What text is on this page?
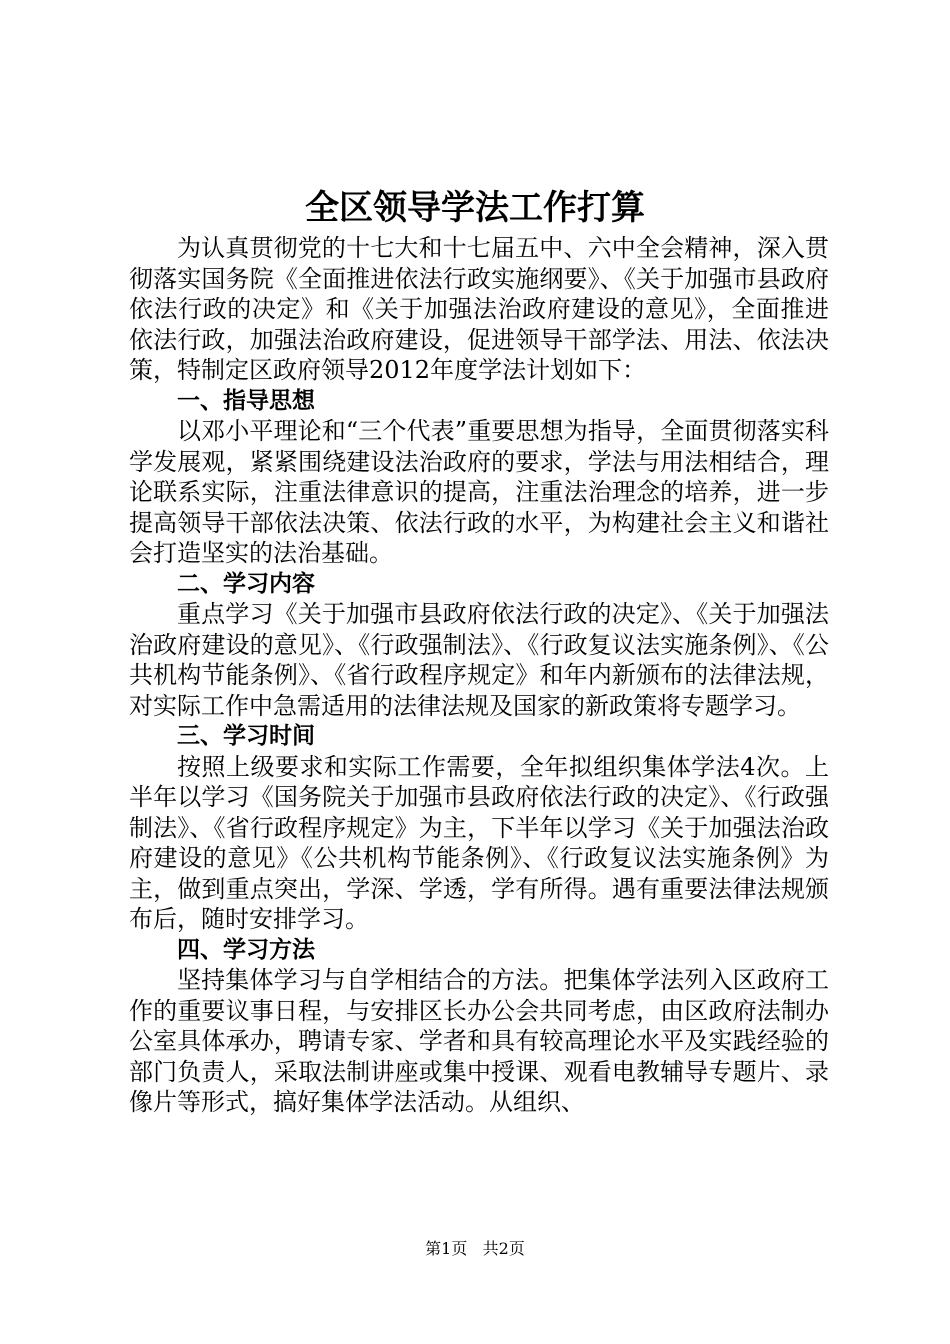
全区领导学法工作打算

为认真贯彻党的十七大和十七届五中、六中全会精神，深入贯彻落实国务院《全面推进依法行政实施纲要》、《关于加强市县政府依法行政的决定》和《关于加强法治政府建设的意见》，全面推进依法行政，加强法治政府建设，促进领导干部学法、用法、依法决策，特制定区政府领导2012年度学法计划如下：

一、指导思想

以邓小平理论和“三个代表”重要思想为指导，全面贯彻落实科学发展观，紧紧围绕建设法治政府的要求，学法与用法相结合，理论联系实际，注重法律意识的提高，注重法治理念的培养，进一步提高领导干部依法决策、依法行政的水平，为构建社会主义和谐社会打造坚实的法治基础。

二、学习内容

重点学习《关于加强市县政府依法行政的决定》、《关于加强法治政府建设的意见》、《行政强制法》、《行政复议法实施条例》、《公共机构节能条例》、《省行政程序规定》和年内新颁布的法律法规，对实际工作中急需适用的法律法规及国家的新政策将专题学习。

三、学习时间

按照上级要求和实际工作需要，全年拟组织集体学法4次。上半年以学习《国务院关于加强市县政府依法行政的决定》、《行政强制法》、《省行政程序规定》为主，下半年以学习《关于加强法治政府建设的意见》《公共机构节能条例》、《行政复议法实施条例》为主，做到重点突出，学深、学透，学有所得。遇有重要法律法规颁布后，随时安排学习。

四、学习方法

坚持集体学习与自学相结合的方法。把集体学法列入区政府工作的重要议事日程，与安排区长办公会共同考虑，由区政府法制办公室具体承办，聘请专家、学者和具有较高理论水平及实践经验的部门负责人，采取法制讲座或集中授课、观看电教辅导专题片、录像片等形式，搞好集体学法活动。从组织、

第1页 共2页
